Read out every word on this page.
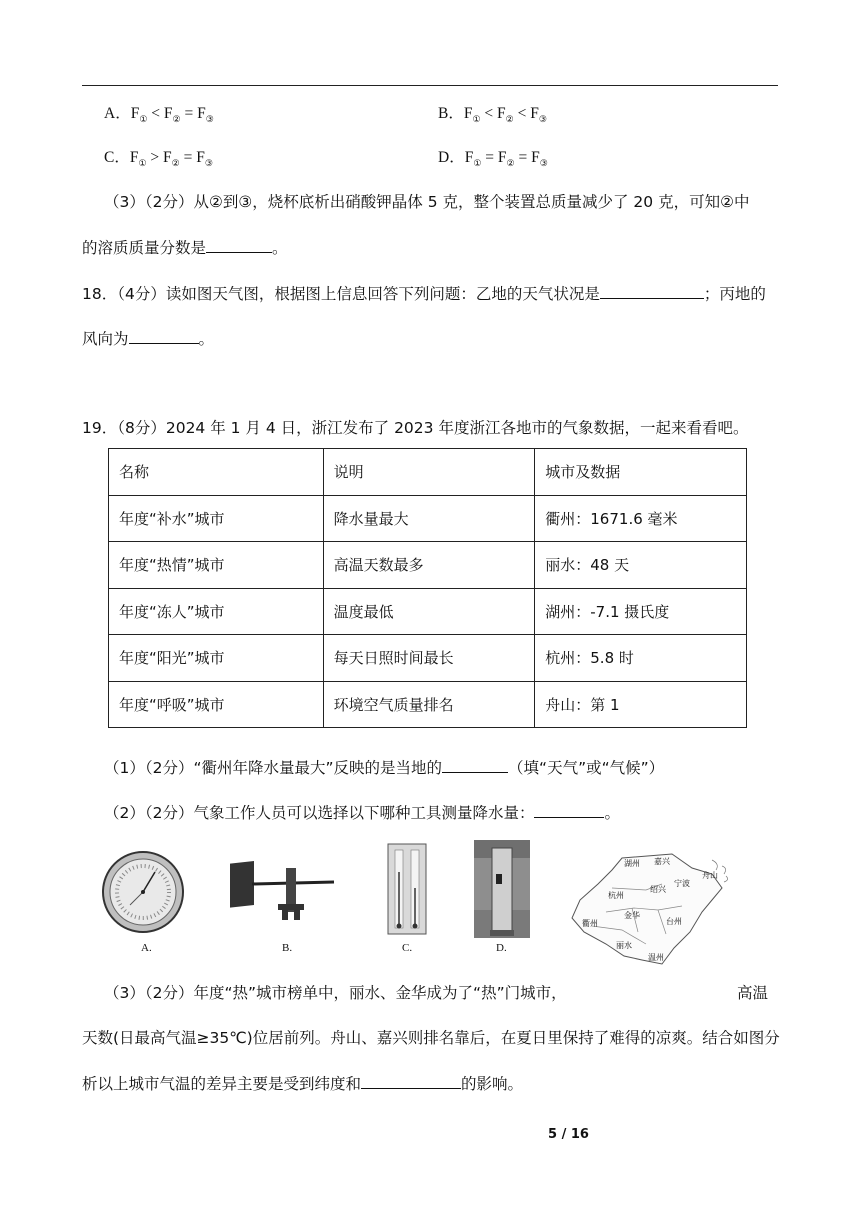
A．$F_① < F_② = F_③$	B．$F_① < F_② < F_③$
C．$F_① > F_② = F_③$	D．$F_① = F_② = F_③$
（3）（2分）从②到③，烧杯底析出硝酸钾晶体 5 克，整个装置总质量减少了 20 克，可知②中
的溶质质量分数是	。
18．（4分）读如图天气图，根据图上信息回答下列问题：乙地的天气状况是	；丙地的
风向为	。
19．（8分）2024 年 1 月 4 日，浙江发布了 2023 年度浙江各地市的气象数据，一起来看看吧。
名称	说明	城市及数据
年度“补水”城市	降水量最大	衢州：1671.6 毫米
年度“热情”城市	高温天数最多	丽水：48 天
年度“冻人”城市	温度最低	湖州：-7.1 摄氏度
年度“阳光”城市	每天日照时间最长	杭州：5.8 时
年度“呼吸”城市	环境空气质量排名	舟山：第 1
（1）（2分）“衢州年降水量最大”反映的是当地的	（填“天气”或“气候”）
（2）（2分）气象工作人员可以选择以下哪种工具测量降水量：	。
A.	B.	C.	D.
湖州 嘉兴
杭州
绍兴
宁波
舟山
金华
衢州	台州
丽水
温州
（3）（2分）年度“热”城市榜单中，丽水、金华成为了“热”门城市，	高温
天数(日最高气温≥35℃)位居前列。舟山、嘉兴则排名靠后，在夏日里保持了难得的凉爽。结合如图分
析以上城市气温的差异主要是受到纬度和	的影响。
5 / 16
